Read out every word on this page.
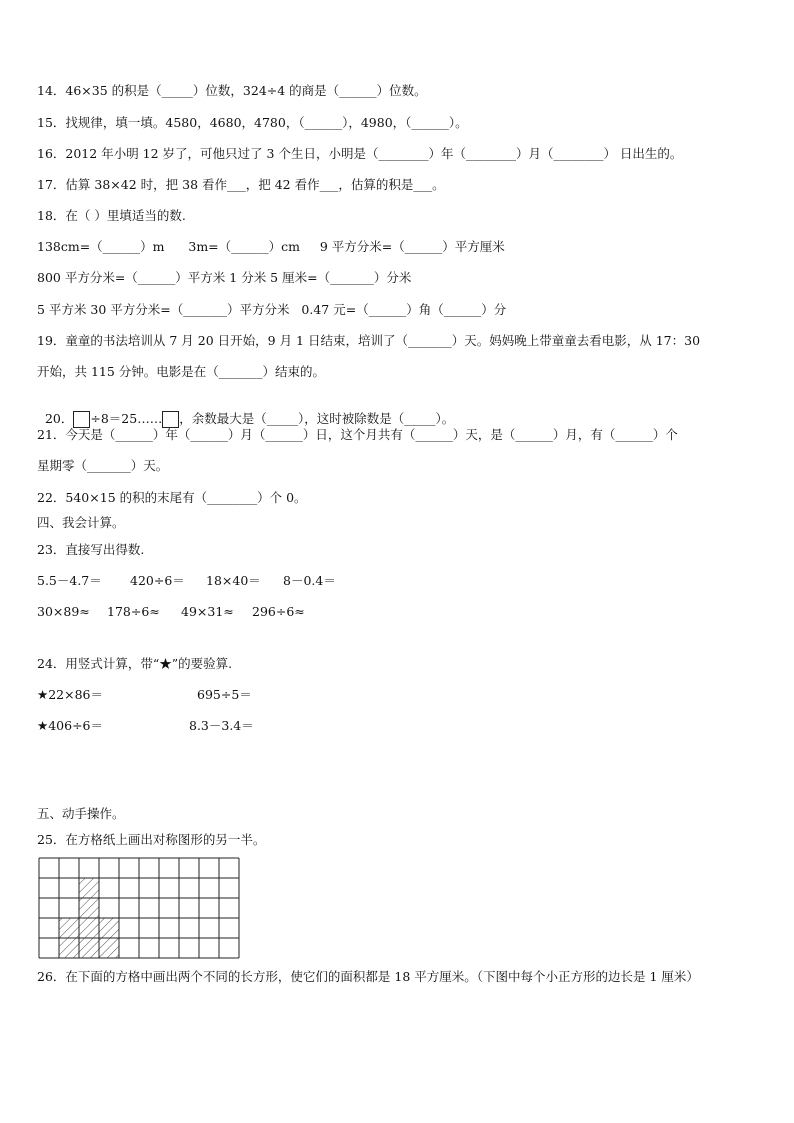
14．46×35 的积是（_____）位数，324÷4 的商是（______）位数。
15．找规律，填一填。4580，4680，4780，（______），4980，（______）。
16．2012 年小明 12 岁了，可他只过了 3 个生日，小明是（________）年（________）月（________） 日出生的。
17．估算 38×42 时，把 38 看作___，把 42 看作___，估算的积是___。
18．在（ ）里填适当的数.
138cm=（______）m      3m=（______）cm     9 平方分米=（______）平方厘米
800 平方分米=（______）平方米 1 分米 5 厘米=（_______）分米
5 平方米 30 平方分米=（_______）平方分米   0.47 元=（______）角（______）分
19．童童的书法培训从 7 月 20 日开始，9 月 1 日结束，培训了（_______）天。妈妈晚上带童童去看电影，从 17：30
开始，共 115 分钟。电影是在（_______）结束的。

20． ÷8＝25…… ，余数最大是（_____），这时被除数是（_____）。

21．今天是（______）年（______）月（______）日，这个月共有（______）天，是（______）月，有（______）个
星期零（_______）天。
22．540×15 的积的末尾有（________）个 0。
四、我会计算。
23．直接写出得数.
5.5－4.7＝ 420÷6＝ 18×40＝ 8－0.4＝
30×89≈ 178÷6≈ 49×31≈ 296÷6≈
24．用竖式计算，带“★”的要验算.
★22×86＝	695÷5＝
★406÷6＝	8.3－3.4＝
五、动手操作。
25．在方格纸上画出对称图形的另一半。
26．在下面的方格中画出两个不同的长方形，使它们的面积都是 18 平方厘米。（下图中每个小正方形的边长是 1 厘米）
